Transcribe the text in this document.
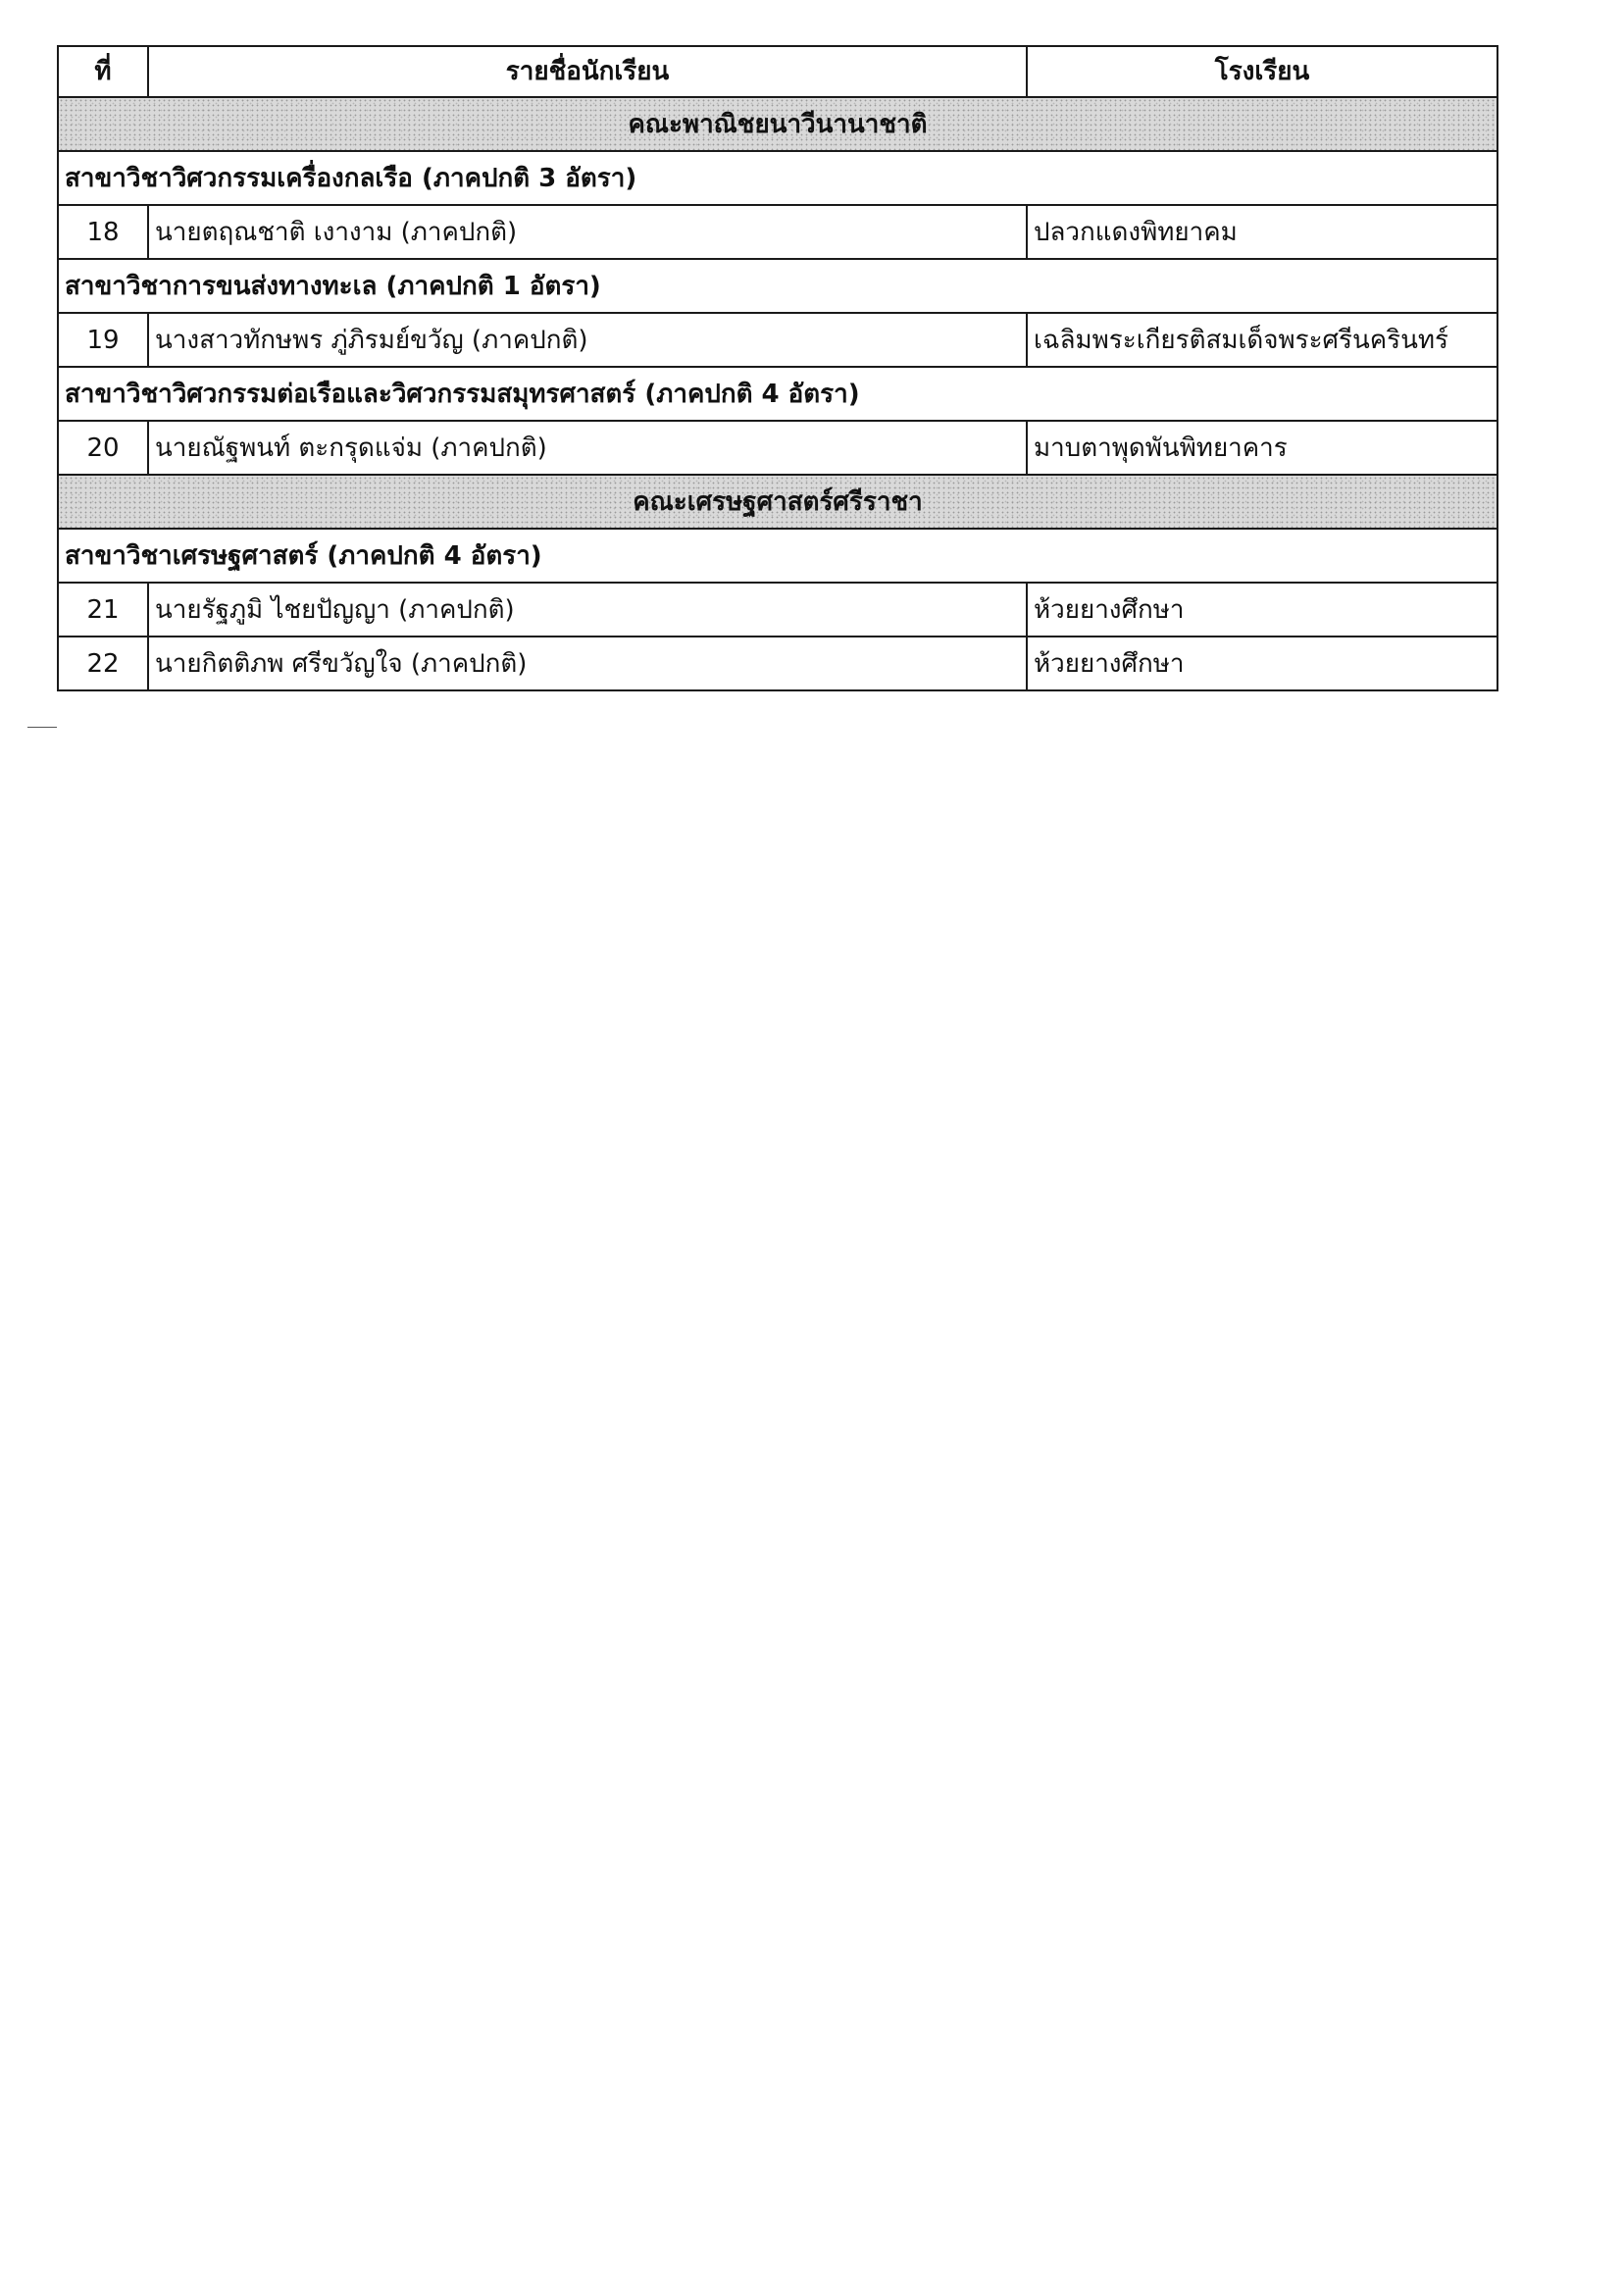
ที่	รายชื่อนักเรียน	โรงเรียน
คณะพาณิชยนาวีนานาชาติ		
สาขาวิชาวิศวกรรมเครื่องกลเรือ (ภาคปกติ 3 อัตรา)		
18	นายตฤณชาติ เงางาม (ภาคปกติ)	ปลวกแดงพิทยาคม
สาขาวิชาการขนส่งทางทะเล (ภาคปกติ 1 อัตรา)		
19	นางสาวทักษพร ภู่ภิรมย์ขวัญ (ภาคปกติ)	เฉลิมพระเกียรติสมเด็จพระศรีนครินทร์
สาขาวิชาวิศวกรรมต่อเรือและวิศวกรรมสมุทรศาสตร์ (ภาคปกติ 4 อัตรา)		
20	นายณัฐพนท์ ตะกรุดแจ่ม (ภาคปกติ)	มาบตาพุดพันพิทยาคาร
คณะเศรษฐศาสตร์ศรีราชา		
สาขาวิชาเศรษฐศาสตร์ (ภาคปกติ 4 อัตรา)		
21	นายรัฐภูมิ ไชยปัญญา (ภาคปกติ)	ห้วยยางศึกษา
22	นายกิตติภพ ศรีขวัญใจ (ภาคปกติ)	ห้วยยางศึกษา
